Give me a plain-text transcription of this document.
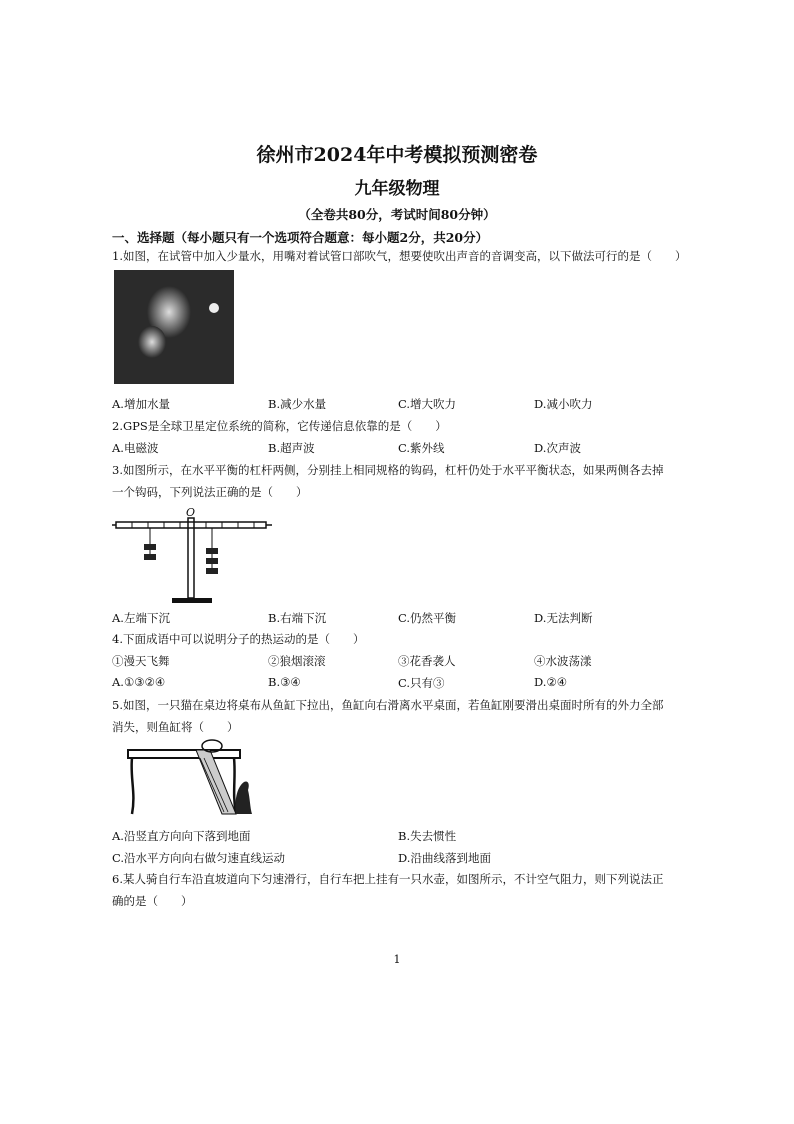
徐州市2024年中考模拟预测密卷
九年级物理
（全卷共80分，考试时间80分钟）
一、选择题（每小题只有一个选项符合题意：每小题2分，共20分）
1.如图，在试管中加入少量水，用嘴对着试管口部吹气，想要使吹出声音的音调变高，以下做法可行的是（　　）
A.增加水量	B.减少水量	C.增大吹力	D.减小吹力
2.GPS是全球卫星定位系统的简称，它传递信息依靠的是（　　）
A.电磁波	B.超声波	C.紫外线	D.次声波
3.如图所示，在水平平衡的杠杆两侧，分别挂上相同规格的钩码，杠杆仍处于水平平衡状态，如果两侧各去掉
一个钩码，下列说法正确的是（　　）
O
A.左端下沉	B.右端下沉	C.仍然平衡	D.无法判断
4.下面成语中可以说明分子的热运动的是（　　）
①漫天飞舞	②狼烟滚滚	③花香袭人	④水波荡漾
A.①③②④	B.③④	C.只有③	D.②④
5.如图，一只猫在桌边将桌布从鱼缸下拉出，鱼缸向右滑离水平桌面，若鱼缸刚要滑出桌面时所有的外力全部
消失，则鱼缸将（　　）
A.沿竖直方向向下落到地面	B.失去惯性
C.沿水平方向向右做匀速直线运动	D.沿曲线落到地面
6.某人骑自行车沿直坡道向下匀速滑行，自行车把上挂有一只水壶，如图所示，不计空气阻力，则下列说法正
确的是（　　）
1
